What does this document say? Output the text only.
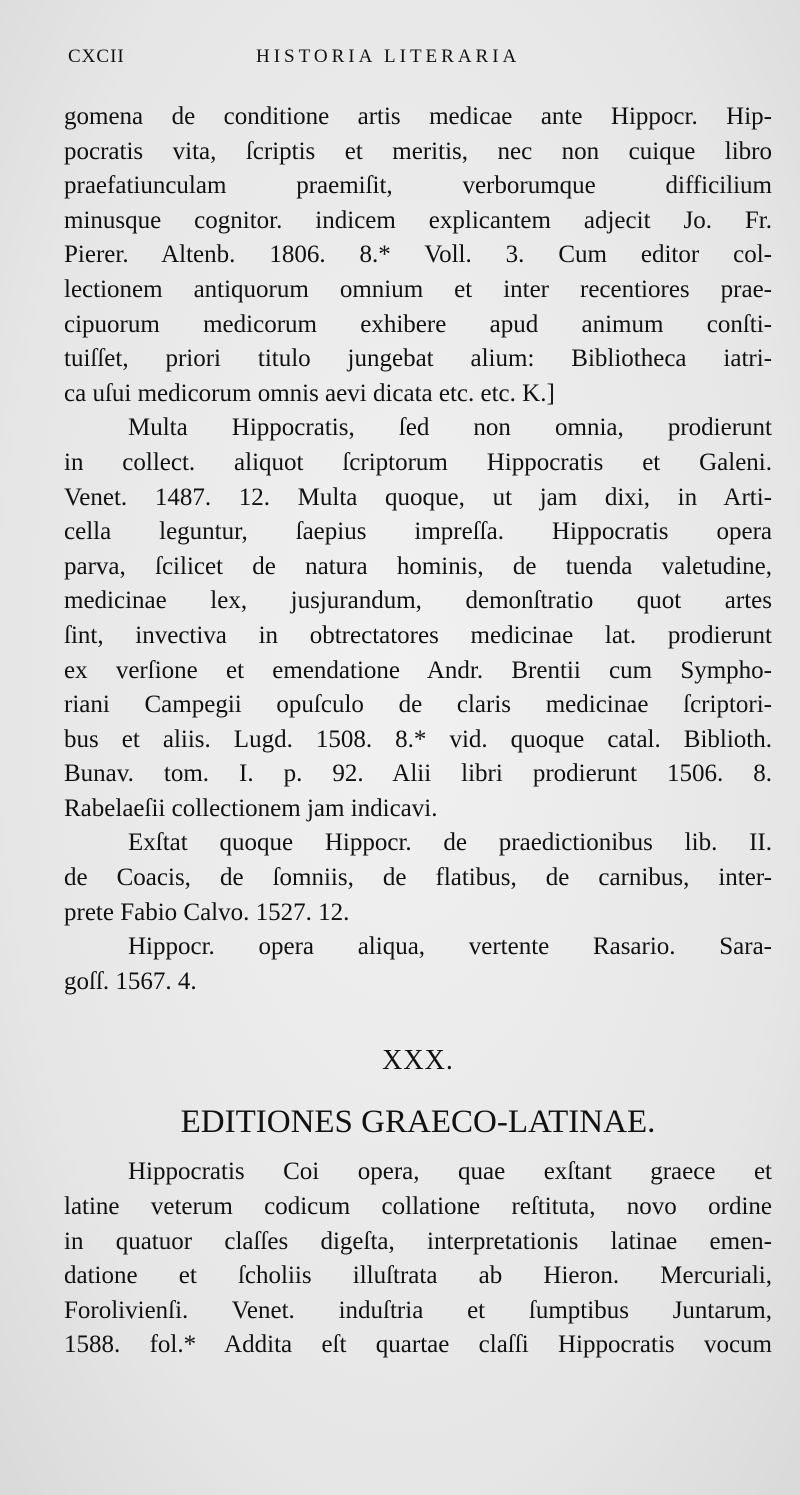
CXCII	HISTORIA LITERARIA
gomena de conditione artis medicae ante Hippocr. Hip-
pocratis vita, ſcriptis et meritis, nec non cuique libro
praefatiunculam praemiſit, verborumque difficilium
minusque cognitor. indicem explicantem adjecit Jo. Fr.
Pierer. Altenb. 1806. 8.* Voll. 3. Cum editor col-
lectionem antiquorum omnium et inter recentiores prae-
cipuorum medicorum exhibere apud animum conſti-
tuiſſet, priori titulo jungebat alium: Bibliotheca iatri-
ca uſui medicorum omnis aevi dicata etc. etc. K.]
Multa Hippocratis, ſed non omnia, prodierunt
in collect. aliquot ſcriptorum Hippocratis et Galeni.
Venet. 1487. 12. Multa quoque, ut jam dixi, in Arti-
cella leguntur, ſaepius impreſſa. Hippocratis opera
parva, ſcilicet de natura hominis, de tuenda valetudine,
medicinae lex, jusjurandum, demonſtratio quot artes
ſint, invectiva in obtrectatores medicinae lat. prodierunt
ex verſione et emendatione Andr. Brentii cum Sympho-
riani Campegii opuſculo de claris medicinae ſcriptori-
bus et aliis. Lugd. 1508. 8.* vid. quoque catal. Biblioth.
Bunav. tom. I. p. 92. Alii libri prodierunt 1506. 8.
Rabelaeſii collectionem jam indicavi.
Exſtat quoque Hippocr. de praedictionibus lib. II.
de Coacis, de ſomniis, de flatibus, de carnibus, inter-
prete Fabio Calvo. 1527. 12.
Hippocr. opera aliqua, vertente Rasario. Sara-
goſſ. 1567. 4.
XXX.
EDITIONES GRAECO-LATINAE.
Hippocratis Coi opera, quae exſtant graece et
latine veterum codicum collatione reſtituta, novo ordine
in quatuor claſſes digeſta, interpretationis latinae emen-
datione et ſcholiis illuſtrata ab Hieron. Mercuriali,
Forolivienſi. Venet. induſtria et ſumptibus Juntarum,
1588. fol.* Addita eſt quartae claſſi Hippocratis vocum
